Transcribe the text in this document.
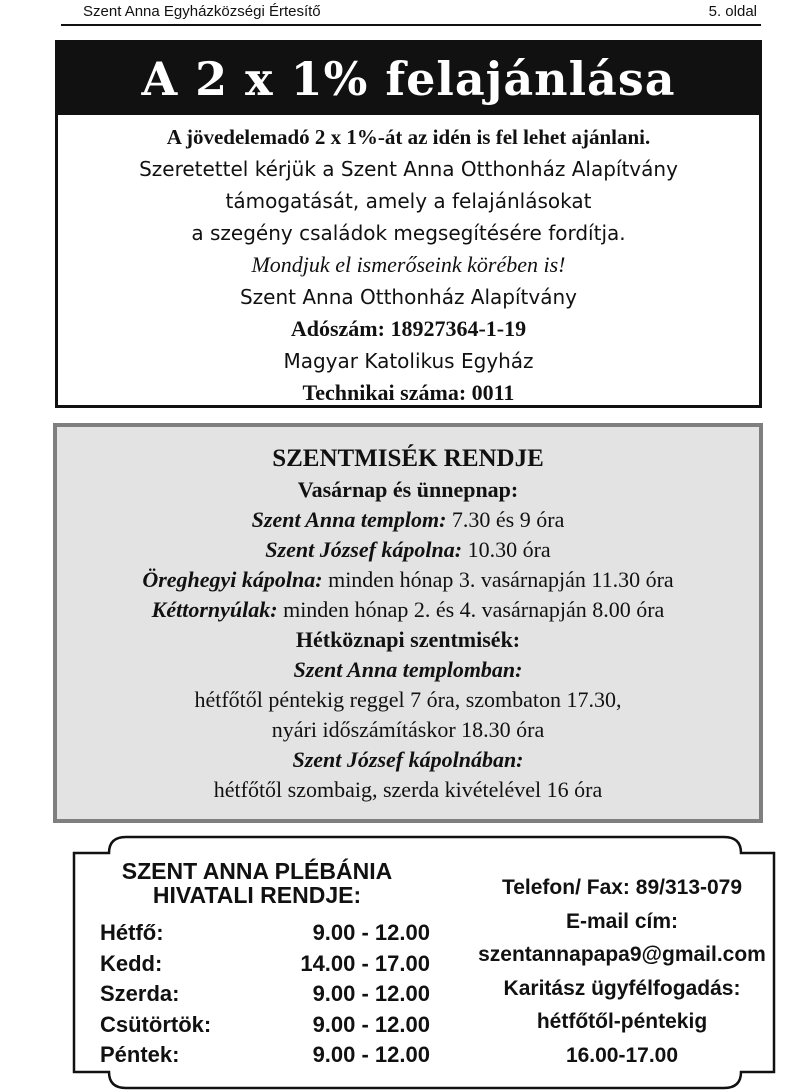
Szent Anna Egyházközségi Értesítő	5. oldal
A 2 x 1% felajánlása
A jövedelemadó 2 x 1%-át az idén is fel lehet ajánlani.
Szeretettel kérjük a Szent Anna Otthonház Alapítvány
támogatását, amely a felajánlásokat
a szegény családok megsegítésére fordítja.
Mondjuk el ismerőseink körében is!
Szent Anna Otthonház Alapítvány
Adószám: 18927364-1-19
Magyar Katolikus Egyház
Technikai száma: 0011
SZENTMISÉK RENDJE
Vasárnap és ünnepnap:
Szent Anna templom: 7.30 és 9 óra
Szent József kápolna: 10.30 óra
Öreghegyi kápolna: minden hónap 3. vasárnapján 11.30 óra
Kéttornyúlak: minden hónap 2. és 4. vasárnapján 8.00 óra
Hétköznapi szentmisék:
Szent Anna templomban:
hétfőtől péntekig reggel 7 óra, szombaton 17.30,
nyári időszámításkor 18.30 óra
Szent József kápolnában:
hétfőtől szombaig, szerda kivételével 16 óra
SZENT ANNA PLÉBÁNIA
HIVATALI RENDJE:
Hétfő:	9.00 - 12.00
Kedd:	14.00 - 17.00
Szerda:	9.00 - 12.00
Csütörtök:	9.00 - 12.00
Péntek:	9.00 - 12.00
Telefon/ Fax: 89/313-079
E-mail cím:
szentannapapa9@gmail.com
Karitász ügyfélfogadás:
hétfőtől-péntekig
16.00-17.00
